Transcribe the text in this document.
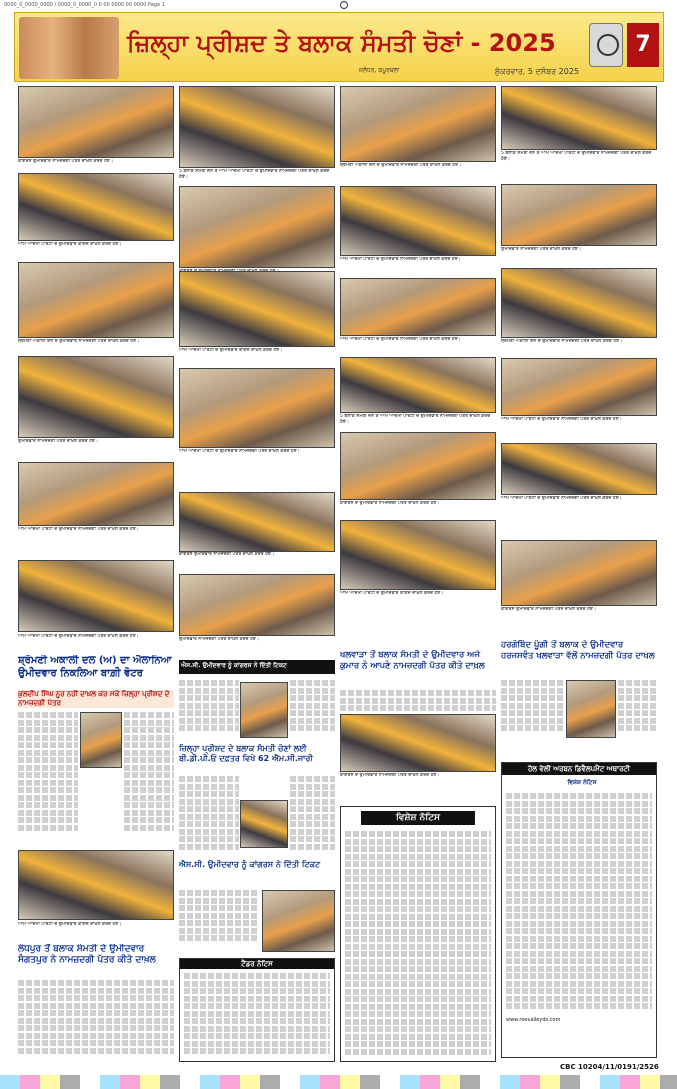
0000_0_0000_0000 / 0000_0_0000_0 0 00 0000 00 0000 Page 1
ਜ਼ਿਲ੍ਹਾ ਪ੍ਰੀਸ਼ਦ ਤੇ ਬਲਾਕ ਸੰਮਤੀ ਚੋਣਾਂ - 2025
ਜਲੰਧਰ, ਕਪੂਰਥਲਾ	ਸ਼ੁੱਕਰਵਾਰ, 5 ਦਸੰਬਰ 2025
7
ਕਾਂਗਰਸ ਉਮੀਦਵਾਰ ਨਾਮਜ਼ਦਗੀ ਪੱਤਰ ਦਾਖ਼ਲ ਕਰਦੇ ਹੋਏ।
ਆਮ ਆਦਮੀ ਪਾਰਟੀ ਦੇ ਉਮੀਦਵਾਰ ਕਾਗਜ਼ ਦਾਖ਼ਲ ਕਰਦੇ ਹੋਏ।
ਸ਼੍ਰੋਮਣੀ ਅਕਾਲੀ ਦਲ ਦੇ ਉਮੀਦਵਾਰ ਨਾਮਜ਼ਦਗੀ ਪੱਤਰ ਦਾਖ਼ਲ ਕਰਦੇ ਹੋਏ।
ਉਮੀਦਵਾਰ ਨਾਮਜ਼ਦਗੀ ਪੱਤਰ ਦਾਖ਼ਲ ਕਰਦੇ ਹੋਏ।
ਆਮ ਆਦਮੀ ਪਾਰਟੀ ਦੇ ਉਮੀਦਵਾਰ ਨਾਮਜ਼ਦਗੀ ਪੱਤਰ ਦਾਖ਼ਲ ਕਰਦੇ ਹੋਏ।
ਆਮ ਆਦਮੀ ਪਾਰਟੀ ਦੇ ਉਮੀਦਵਾਰ ਨਾਮਜ਼ਦਗੀ ਪੱਤਰ ਦਾਖ਼ਲ ਕਰਦੇ ਹੋਏ।
5 ਬਲਾਕ ਸੰਮਤੀ ਜ਼ੋਨ ਤੋਂ ਆਮ ਆਦਮੀ ਪਾਰਟੀ ਦੇ ਉਮੀਦਵਾਰ ਨਾਮਜ਼ਦਗੀ ਪੱਤਰ ਦਾਖ਼ਲ ਕਰਦੇ ਹੋਏ।
ਆਮ ਆਦਮੀ ਪਾਰਟੀ ਦੇ ਉਮੀਦਵਾਰ ਕਾਗਜ਼ ਦਾਖ਼ਲ ਕਰਦੇ ਹੋਏ।
ਆਮ ਆਦਮੀ ਪਾਰਟੀ ਦੇ ਉਮੀਦਵਾਰ ਨਾਮਜ਼ਦਗੀ ਪੱਤਰ ਦਾਖ਼ਲ ਕਰਦੇ ਹੋਏ।
ਕਾਂਗਰਸ ਉਮੀਦਵਾਰ ਨਾਮਜ਼ਦਗੀ ਪੱਤਰ ਦਾਖ਼ਲ ਕਰਦੇ ਹੋਏ।
ਉਮੀਦਵਾਰ ਨਾਮਜ਼ਦਗੀ ਪੱਤਰ ਦਾਖ਼ਲ ਕਰਦੇ ਹੋਏ।
ਸ਼੍ਰੋਮਣੀ ਅਕਾਲੀ ਦਲ ਦੇ ਉਮੀਦਵਾਰ ਨਾਮਜ਼ਦਗੀ ਪੱਤਰ ਦਾਖ਼ਲ ਕਰਦੇ ਹੋਏ।
ਆਮ ਆਦਮੀ ਪਾਰਟੀ ਦੇ ਉਮੀਦਵਾਰ ਨਾਮਜ਼ਦਗੀ ਪੱਤਰ ਦਾਖ਼ਲ ਕਰਦੇ ਹੋਏ।
ਆਮ ਆਦਮੀ ਪਾਰਟੀ ਦੇ ਉਮੀਦਵਾਰ ਨਾਮਜ਼ਦਗੀ ਪੱਤਰ ਦਾਖ਼ਲ ਕਰਦੇ ਹੋਏ।
5 ਬਲਾਕ ਸੰਮਤੀ ਜ਼ੋਨ ਤੋਂ ਆਮ ਆਦਮੀ ਪਾਰਟੀ ਦੇ ਉਮੀਦਵਾਰ ਨਾਮਜ਼ਦਗੀ ਪੱਤਰ ਦਾਖ਼ਲ ਕਰਦੇ ਹੋਏ।
ਕਾਂਗਰਸ ਦੇ ਉਮੀਦਵਾਰ ਨਾਮਜ਼ਦਗੀ ਪੱਤਰ ਦਾਖ਼ਲ ਕਰਦੇ ਹੋਏ।
ਆਮ ਆਦਮੀ ਪਾਰਟੀ ਦੇ ਉਮੀਦਵਾਰ ਕਾਗਜ਼ ਦਾਖ਼ਲ ਕਰਦੇ ਹੋਏ।
5 ਬਲਾਕ ਸੰਮਤੀ ਜ਼ੋਨ ਤੋਂ ਆਮ ਆਦਮੀ ਪਾਰਟੀ ਦੇ ਉਮੀਦਵਾਰ ਨਾਮਜ਼ਦਗੀ ਪੱਤਰ ਦਾਖ਼ਲ ਕਰਦੇ ਹੋਏ।
ਉਮੀਦਵਾਰ ਨਾਮਜ਼ਦਗੀ ਪੱਤਰ ਦਾਖ਼ਲ ਕਰਦੇ ਹੋਏ।
ਸ਼੍ਰੋਮਣੀ ਅਕਾਲੀ ਦਲ ਦੇ ਉਮੀਦਵਾਰ ਨਾਮਜ਼ਦਗੀ ਪੱਤਰ ਦਾਖ਼ਲ ਕਰਦੇ ਹੋਏ।
ਆਮ ਆਦਮੀ ਪਾਰਟੀ ਦੇ ਉਮੀਦਵਾਰ ਨਾਮਜ਼ਦਗੀ ਪੱਤਰ ਦਾਖ਼ਲ ਕਰਦੇ ਹੋਏ।
ਆਮ ਆਦਮੀ ਪਾਰਟੀ ਦੇ ਉਮੀਦਵਾਰ ਨਾਮਜ਼ਦਗੀ ਪੱਤਰ ਦਾਖ਼ਲ ਕਰਦੇ ਹੋਏ।
ਕਾਂਗਰਸ ਉਮੀਦਵਾਰ ਨਾਮਜ਼ਦਗੀ ਪੱਤਰ ਦਾਖ਼ਲ ਕਰਦੇ ਹੋਏ।
ਸ਼੍ਰੋਮਣੀ ਅਕਾਲੀ ਦਲ (ਅ) ਦਾ ਐਲਾਨਿਆ ਉਮੀਦਵਾਰ ਨਿਕਲਿਆ ਬਾਗ਼ੀ ਵੋਟਰ
ਕੁਲਦੀਪ ਸਿੰਘ ਨੂਰ ਨਹੀਂ ਦਾਖ਼ਲ ਕਰ ਸਕੇ ਜ਼ਿਲ੍ਹਾ ਪ੍ਰੀਸ਼ਦ ਦੇ ਨਾਮਜ਼ਦਗੀ ਪੱਤਰ
ਆਮ ਆਦਮੀ ਪਾਰਟੀ ਦੇ ਉਮੀਦਵਾਰ ਕਾਗਜ਼ ਦਾਖ਼ਲ ਕਰਦੇ ਹੋਏ।
ਲੰਧਪੁਰ ਤੋਂ ਬਲਾਕ ਸੰਮਤੀ ਦੇ ਉਮੀਦਵਾਰ ਸੰਗਤਪੁਰ ਨੇ ਨਾਮਜ਼ਦਗੀ ਪੱਤਰ ਕੀਤੇ ਦਾਖ਼ਲ
ਐਸ.ਸੀ. ਉਮੀਦਵਾਰ ਨੂੰ ਕਾਂਗਰਸ ਨੇ ਦਿੱਤੀ ਟਿਕਟ
ਜ਼ਿਲ੍ਹਾ ਪ੍ਰੀਸ਼ਦ ਦੇ ਬਲਾਕ ਸੰਮਤੀ ਚੋਣਾਂ ਲਈ ਬੀ.ਡੀ.ਪੀ.ਓ ਦਫ਼ਤਰ ਵਿਖੇ 62 ਐਮ.ਸੀ.ਜਾਰੀ
ਐਸ.ਸੀ. ਉਮੀਦਵਾਰ ਨੂੰ ਕਾਂਗਰਸ ਨੇ ਦਿੱਤੀ ਟਿਕਟ
ਟੈਂਡਰ ਨੋਟਿਸ
ਖਲਵਾੜਾ ਤੋਂ ਬਲਾਕ ਸੰਮਤੀ ਦੇ ਉਮੀਦਵਾਰ ਅਜੇ ਕੁਮਾਰ ਨੇ ਆਪਣੇ ਨਾਮਜ਼ਦਗੀ ਪੱਤਰ ਕੀਤੇ ਦਾਖ਼ਲ
ਕਾਂਗਰਸ ਦੇ ਉਮੀਦਵਾਰ ਨਾਮਜ਼ਦਗੀ ਪੱਤਰ ਦਾਖ਼ਲ ਕਰਦੇ ਹੋਏ।
ਵਿਸ਼ੇਸ਼ ਨੋਟਿਸ
ਹਰਗੋਬਿੰਦ ਪੂੰਗੀ ਤੋਂ ਬਲਾਕ ਦੇ ਉਮੀਦਵਾਰ ਹਰਜਸਵੰਤ ਖਲਵਾੜਾ ਵੱਲੋਂ ਨਾਮਜ਼ਦਗੀ ਪੱਤਰ ਦਾਖਲ
ਹੋਲ ਵੇਲੀ ਅਰਬਨ ਡਿਵੈਲਪਮੈਂਟ ਅਥਾਰਟੀ
ਵਿਸ਼ੇਸ਼ ਨੋਟਿਸ
www.roevalleyds.com
CBC 10204/11/0191/2526
